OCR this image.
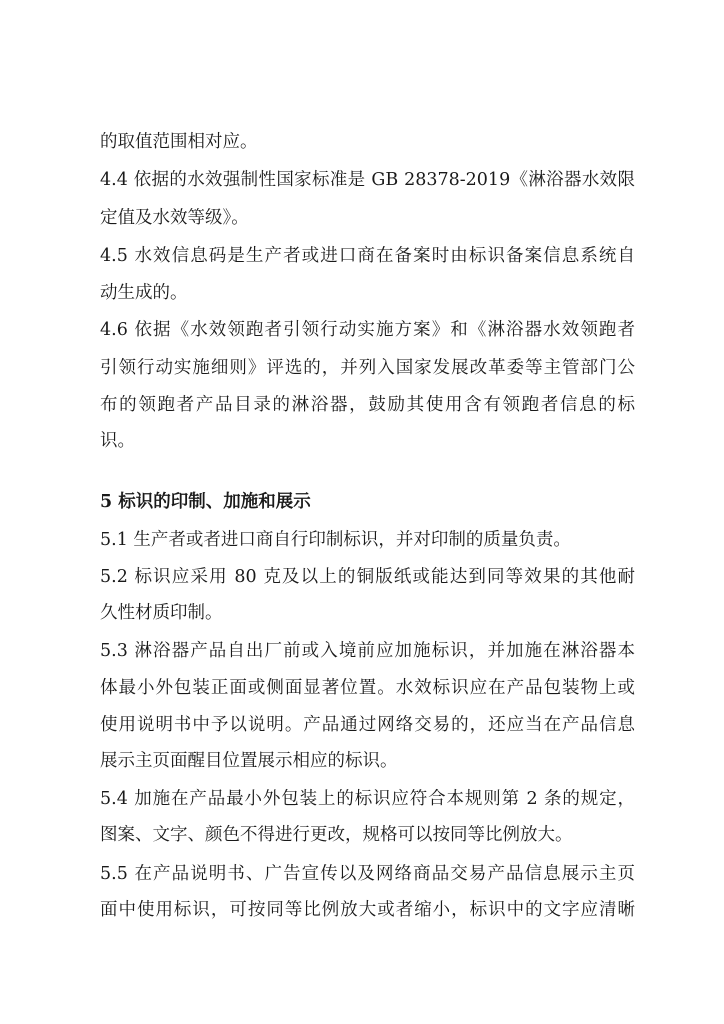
的取值范围相对应。
4.4 依据的水效强制性国家标准是 GB 28378-2019《淋浴器水效限
定值及水效等级》。
4.5 水效信息码是生产者或进口商在备案时由标识备案信息系统自
动生成的。
4.6 依据《水效领跑者引领行动实施方案》和《淋浴器水效领跑者
引领行动实施细则》评选的，并列入国家发展改革委等主管部门公
布的领跑者产品目录的淋浴器，鼓励其使用含有领跑者信息的标
识。
5 标识的印制、加施和展示
5.1 生产者或者进口商自行印制标识，并对印制的质量负责。
5.2 标识应采用 80 克及以上的铜版纸或能达到同等效果的其他耐
久性材质印制。
5.3 淋浴器产品自出厂前或入境前应加施标识，并加施在淋浴器本
体最小外包装正面或侧面显著位置。水效标识应在产品包装物上或
使用说明书中予以说明。产品通过网络交易的，还应当在产品信息
展示主页面醒目位置展示相应的标识。
5.4 加施在产品最小外包装上的标识应符合本规则第 2 条的规定，
图案、文字、颜色不得进行更改，规格可以按同等比例放大。
5.5 在产品说明书、广告宣传以及网络商品交易产品信息展示主页
面中使用标识，可按同等比例放大或者缩小，标识中的文字应清晰
